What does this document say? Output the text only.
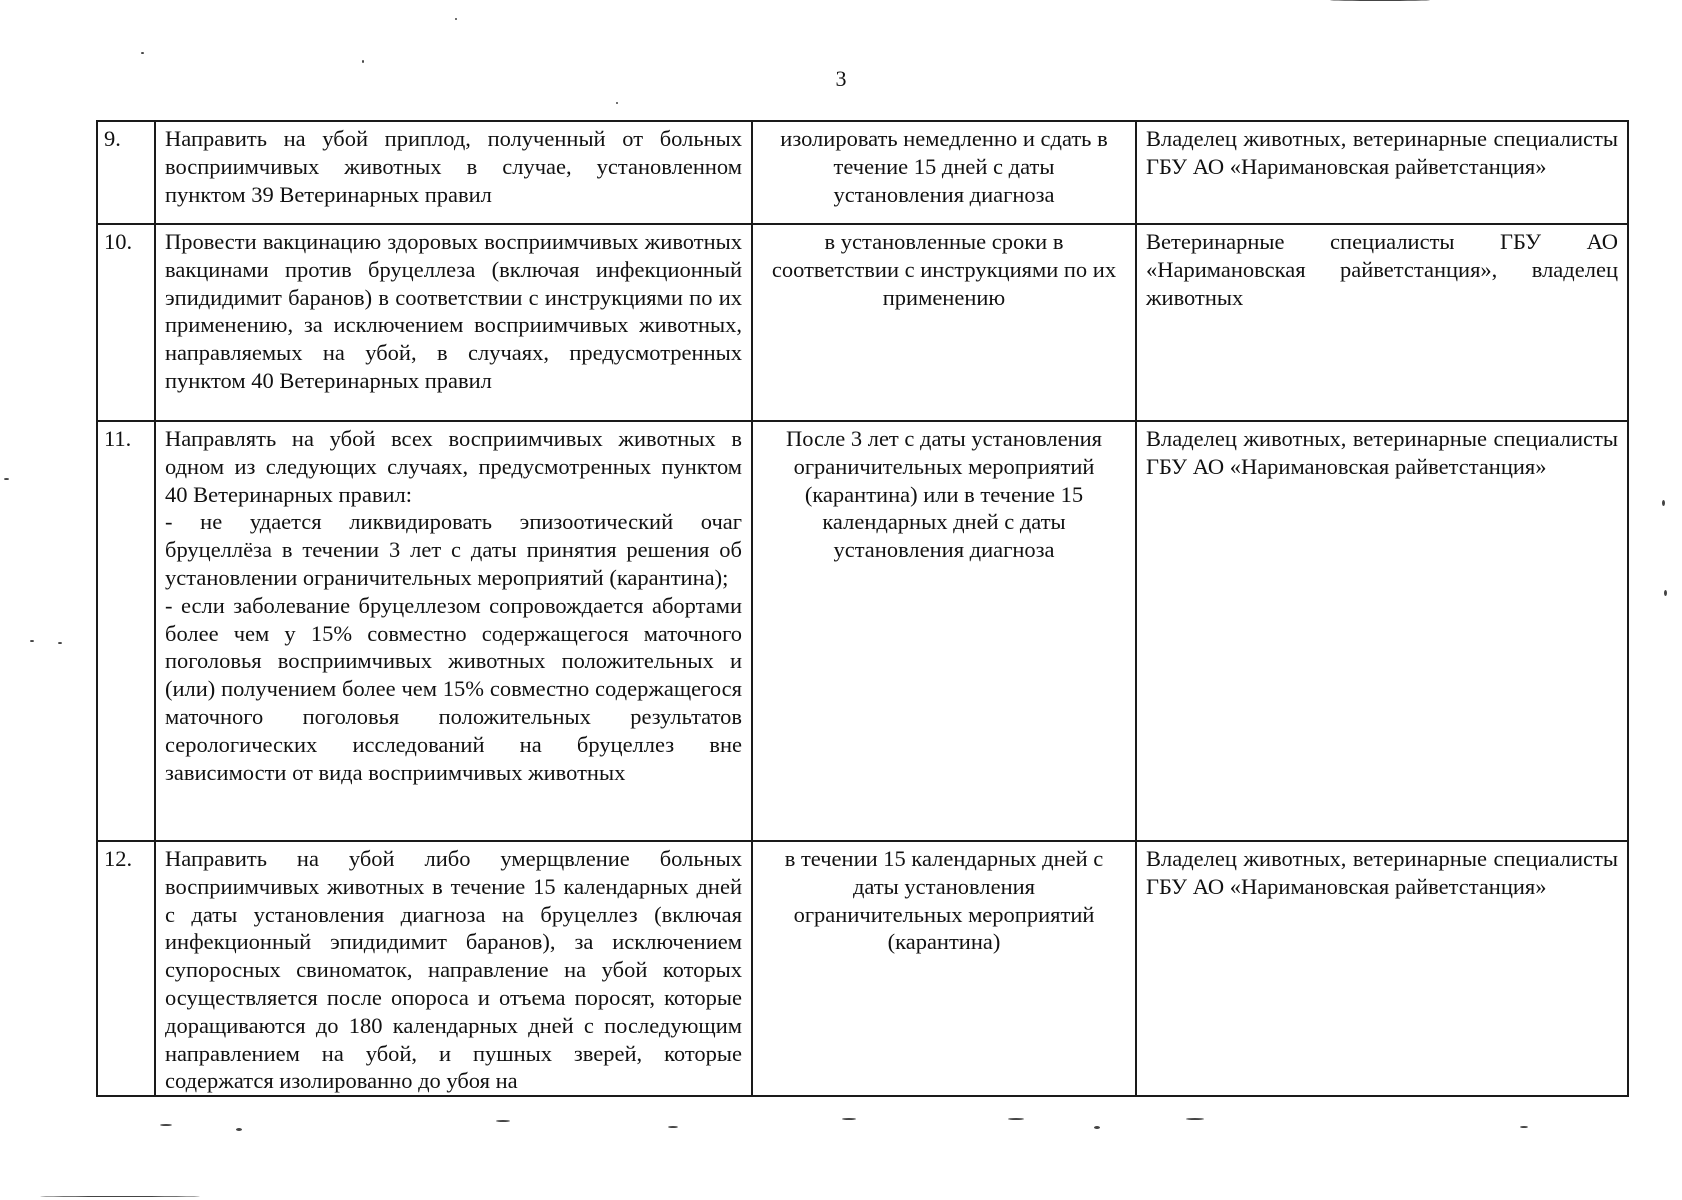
3
9.	Направить на убой приплод, полученный от больных восприимчивых животных в случае, установленном пунктом 39 Ветеринарных правил	изолировать немедленно и сдать в течение 15 дней с даты установления диагноза	Владелец животных, ветеринарные специалисты ГБУ АО «Наримановская райветстанция»
10.	Провести вакцинацию здоровых восприимчивых животных вакцинами против бруцеллеза (включая инфекционный эпидидимит баранов) в соответствии с инструкциями по их применению, за исключением восприимчивых животных, направляемых на убой, в случаях, предусмотренных пунктом 40 Ветеринарных правил	в установленные сроки в соответствии с инструкциями по их применению	Ветеринарные специалисты ГБУ АО «Наримановская райветстанция», владелец животных
11.	Направлять на убой всех восприимчивых животных в одном из следующих случаях, предусмотренных пунктом 40 Ветеринарных правил:
- не удается ликвидировать эпизоотический очаг бруцеллёза в течении 3 лет с даты принятия решения об установлении ограничительных мероприятий (карантина);
- если заболевание бруцеллезом сопровождается абортами более чем у 15% совместно содержащегося маточного поголовья восприимчивых животных положительных и (или) получением более чем 15% совместно содержащегося маточного поголовья положительных результатов серологических исследований на бруцеллез вне зависимости от вида восприимчивых животных	После 3 лет с даты установления ограничительных мероприятий (карантина) или в течение 15 календарных дней с даты установления диагноза	Владелец животных, ветеринарные специалисты ГБУ АО «Наримановская райветстанция»
12.	Направить на убой либо умерщвление больных восприимчивых животных в течение 15 календарных дней с даты установления диагноза на бруцеллез (включая инфекционный эпидидимит баранов), за исключением супоросных свиноматок, направление на убой которых осуществляется после опороса и отъема поросят, которые доращиваются до 180 календарных дней с последующим направлением на убой, и пушных зверей, которые содержатся изолированно до убоя на	в течении 15 календарных дней с даты установления ограничительных мероприятий (карантина)	Владелец животных, ветеринарные специалисты ГБУ АО «Наримановская райветстанция»
